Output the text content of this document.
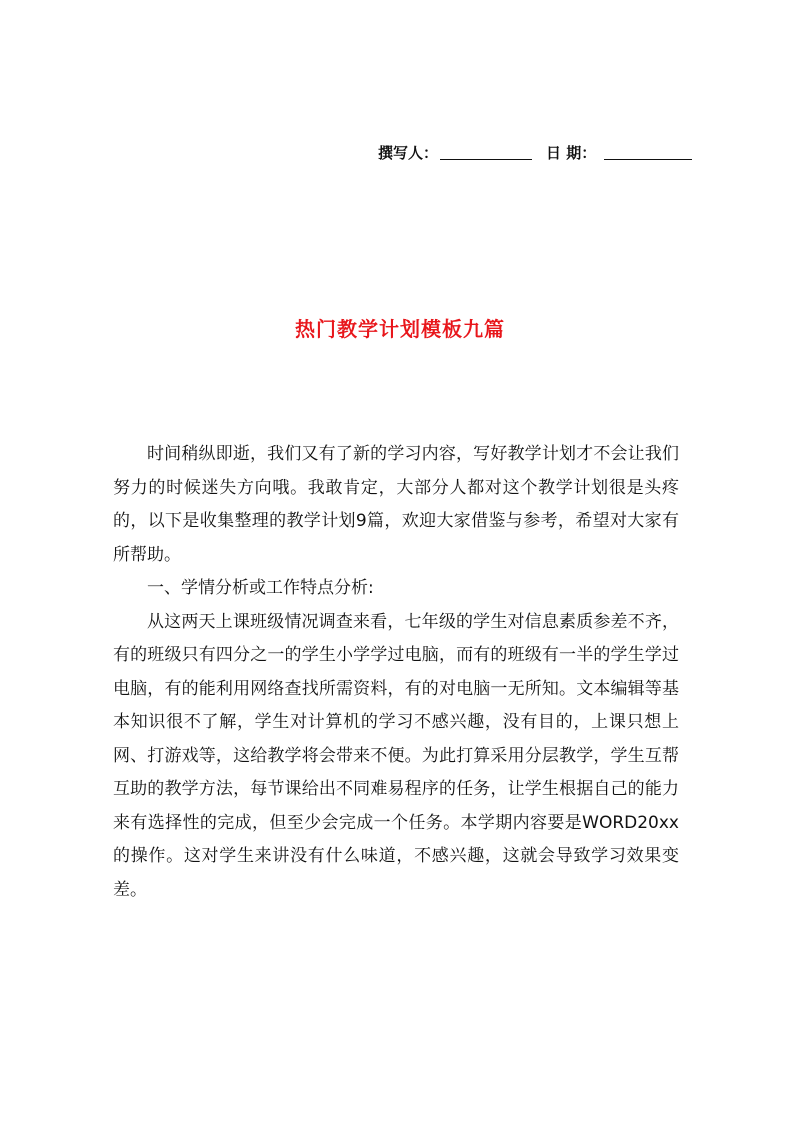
撰写人：	日 期：
热门教学计划模板九篇

时间稍纵即逝，我们又有了新的学习内容，写好教学计划才不会让我们努力的时候迷失方向哦。我敢肯定，大部分人都对这个教学计划很是头疼的，以下是收集整理的教学计划9篇，欢迎大家借鉴与参考，希望对大家有所帮助。

一、学情分析或工作特点分析:

从这两天上课班级情况调查来看，七年级的学生对信息素质参差不齐，有的班级只有四分之一的学生小学学过电脑，而有的班级有一半的学生学过电脑，有的能利用网络查找所需资料，有的对电脑一无所知。文本编辑等基本知识很不了解，学生对计算机的学习不感兴趣，没有目的，上课只想上网、打游戏等，这给教学将会带来不便。为此打算采用分层教学，学生互帮互助的教学方法，每节课给出不同难易程序的任务，让学生根据自己的能力来有选择性的完成，但至少会完成一个任务。本学期内容要是WORD20xx的操作。这对学生来讲没有什么味道，不感兴趣，这就会导致学习效果变差。
